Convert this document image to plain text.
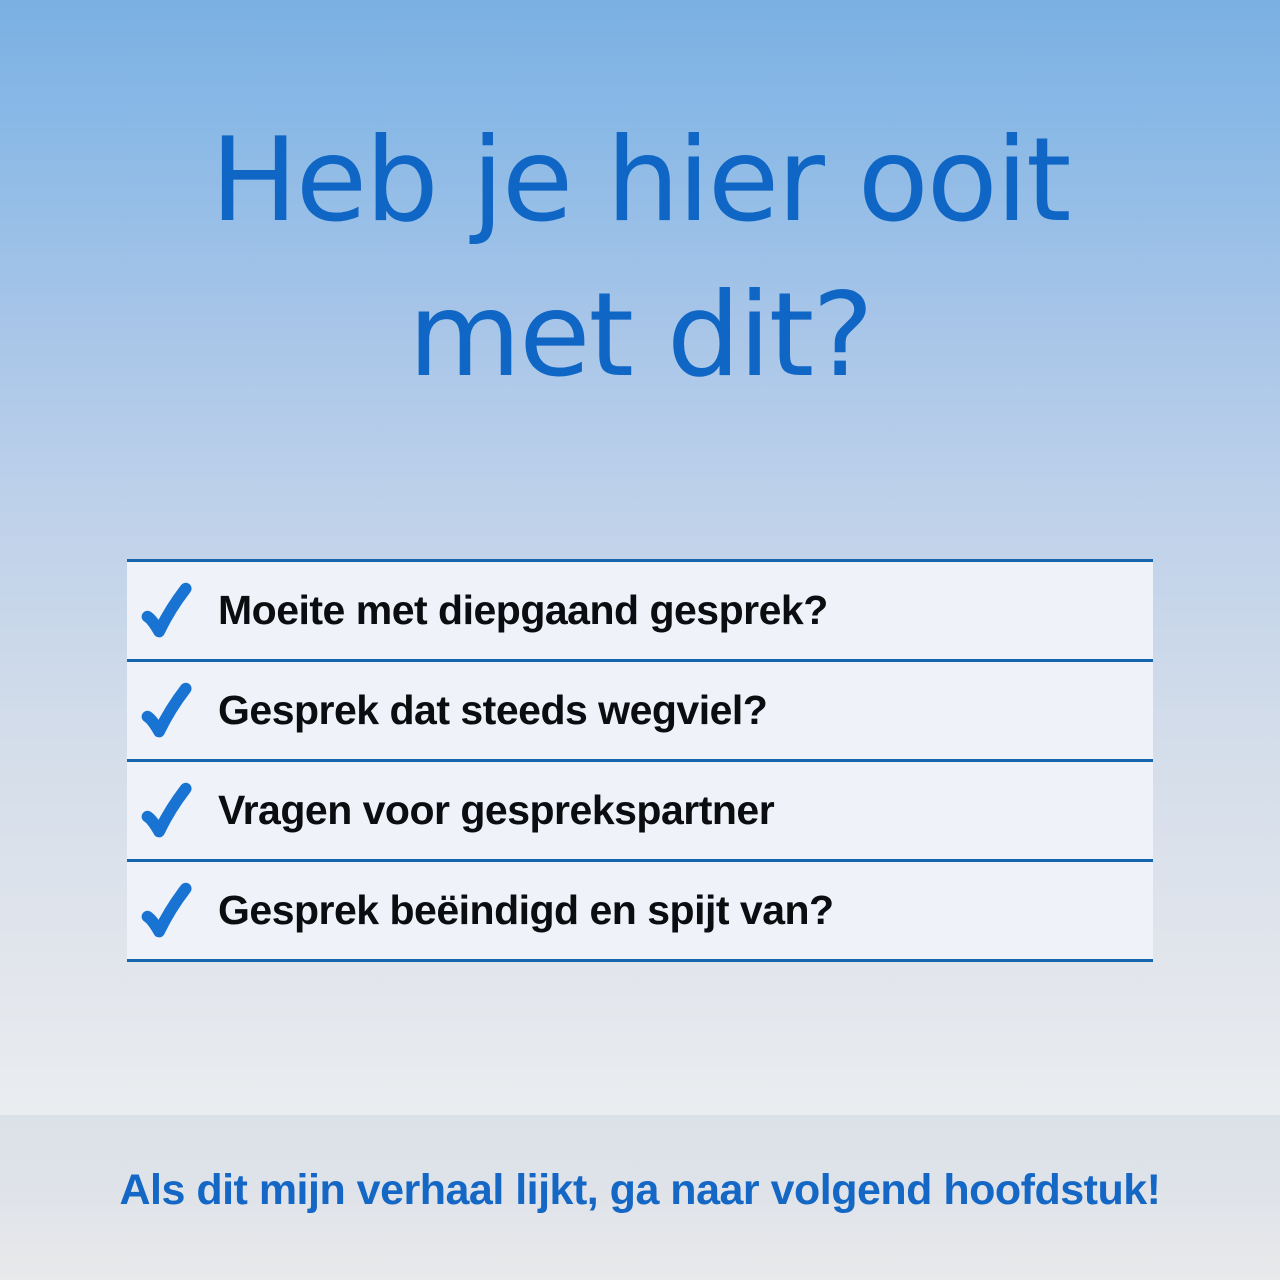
Heb je hier ooit
met dit?
Moeite met diepgaand gesprek?
Gesprek dat steeds wegviel?
Vragen voor gesprekspartner
Gesprek beëindigd en spijt van?

Als dit mijn verhaal lijkt, ga naar volgend hoofdstuk!
